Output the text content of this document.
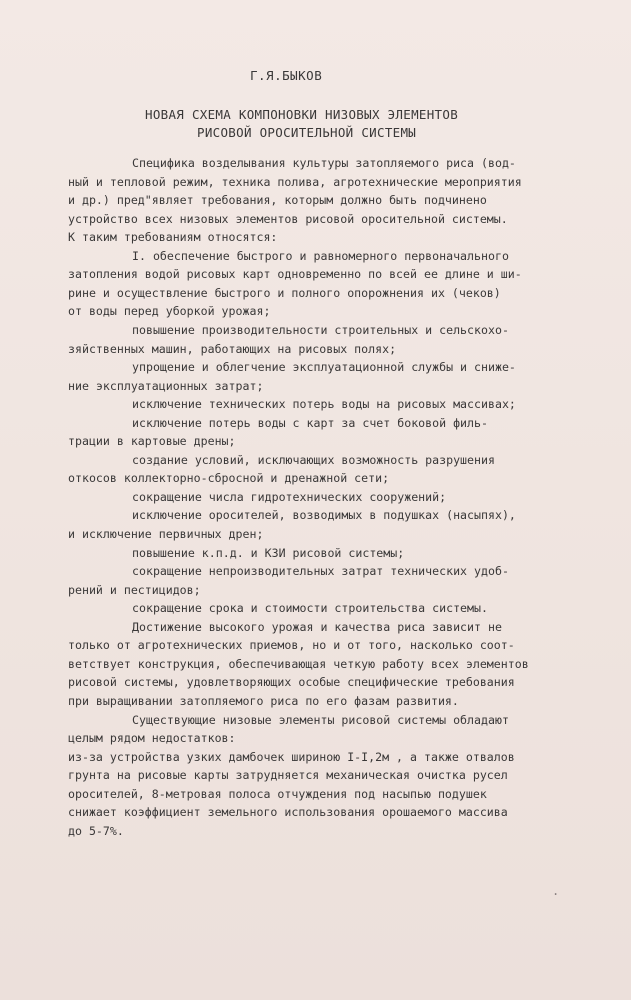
Г.Я.БЫКОВ
НОВАЯ СХЕМА КОМПОНОВКИ НИЗОВЫХ ЭЛЕМЕНТОВ
РИСОВОЙ ОРОСИТЕЛЬНОЙ СИСТЕМЫ
Специфика возделывания культуры затопляемого риса (вод-
ный и тепловой режим, техника полива, агротехнические мероприятия
и др.) пред"являет требования, которым должно быть подчинено
устройство всех низовых элементов рисовой оросительной системы.
К таким требованиям относятся:
I. обеспечение быстрого и равномерного первоначального
затопления водой рисовых карт одновременно по всей ее длине и ши-
рине и осуществление быстрого и полного опорожнения их (чеков)
от воды перед уборкой урожая;
повышение производительности строительных и сельскохо-
зяйственных машин, работающих на рисовых полях;
упрощение и облегчение эксплуатационной службы и сниже-
ние эксплуатационных затрат;
исключение технических потерь воды на рисовых массивах;
исключение потерь воды с карт за счет боковой филь-
трации в картовые дрены;
создание условий, исключающих возможность разрушения
откосов коллекторно-сбросной и дренажной сети;
сокращение числа гидротехнических сооружений;
исключение оросителей, возводимых в подушках (насыпях),
и исключение первичных дрен;
повышение к.п.д. и КЗИ рисовой системы;
сокращение непроизводительных затрат технических удоб-
рений и пестицидов;
сокращение срока и стоимости строительства системы.
Достижение высокого урожая и качества риса зависит не
только от агротехнических приемов, но и от того, насколько соот-
ветствует конструкция, обеспечивающая четкую работу всех элементов
рисовой системы, удовлетворяющих особые специфические требования
при выращивании затопляемого риса по его фазам развития.
Существующие низовые элементы рисовой системы обладают
целым рядом недостатков:
из-за устройства узких дамбочек шириною I-I,2м , а также отвалов
грунта на рисовые карты затрудняется механическая очистка русел
оросителей, 8-метровая полоса отчуждения под насыпью подушек
снижает коэффициент земельного использования орошаемого массива
до 5-7%.
.
